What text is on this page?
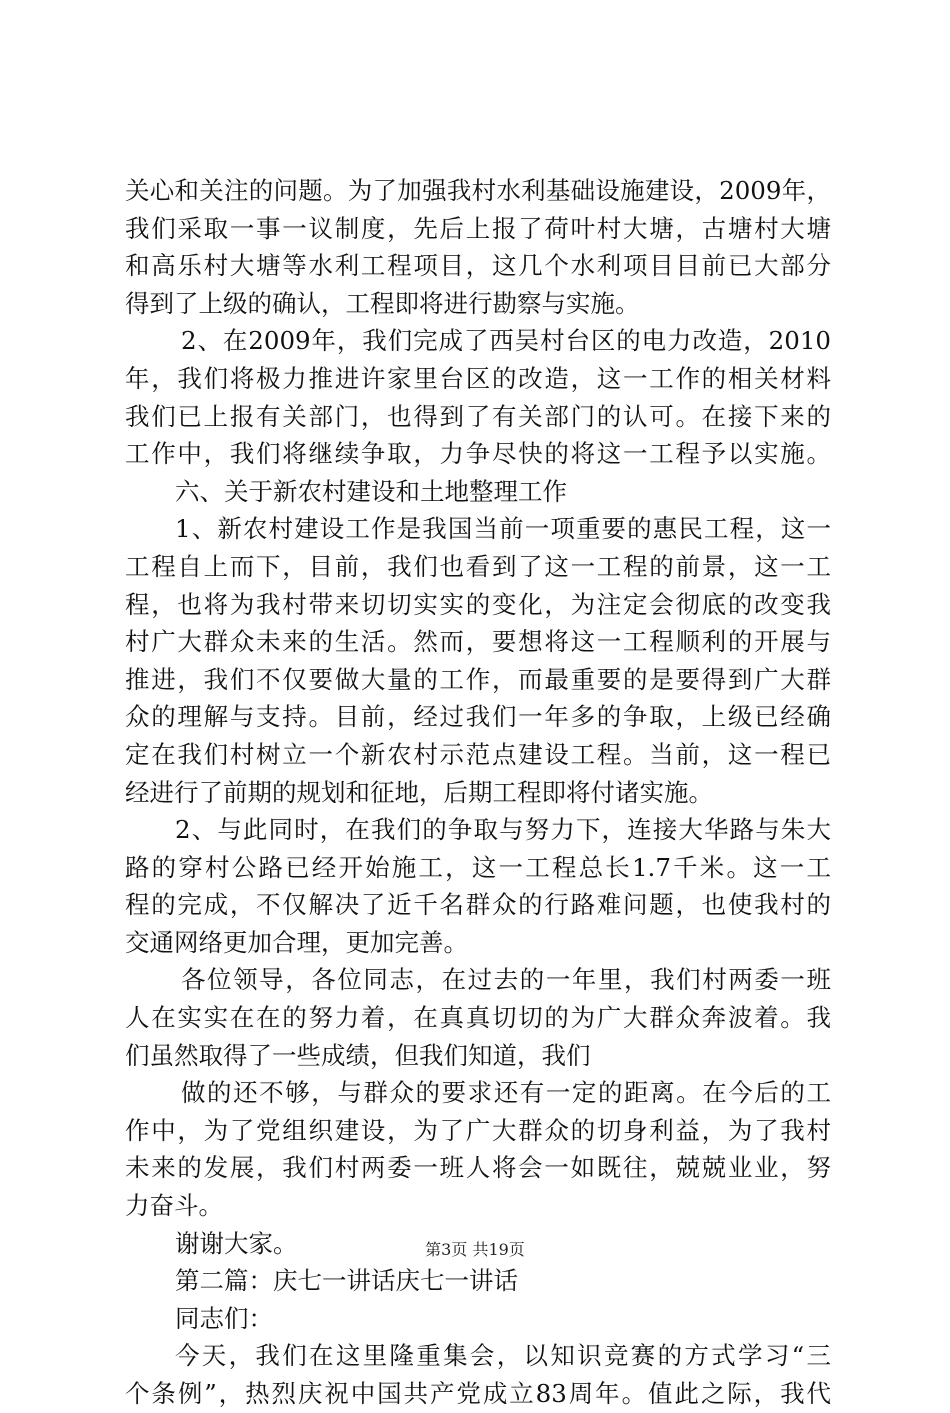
关心和关注的问题。为了加强我村水利基础设施建设，2009年，
我们采取一事一议制度，先后上报了荷叶村大塘，古塘村大塘
和高乐村大塘等水利工程项目，这几个水利项目目前已大部分
得到了上级的确认，工程即将进行勘察与实施。
2、在2009年，我们完成了西吴村台区的电力改造，2010
年，我们将极力推进许家里台区的改造，这一工作的相关材料
我们已上报有关部门，也得到了有关部门的认可。在接下来的
工作中，我们将继续争取，力争尽快的将这一工程予以实施。
六、关于新农村建设和土地整理工作
1、新农村建设工作是我国当前一项重要的惠民工程，这一
工程自上而下，目前，我们也看到了这一工程的前景，这一工
程，也将为我村带来切切实实的变化，为注定会彻底的改变我
村广大群众未来的生活。然而，要想将这一工程顺利的开展与
推进，我们不仅要做大量的工作，而最重要的是要得到广大群
众的理解与支持。目前，经过我们一年多的争取，上级已经确
定在我们村树立一个新农村示范点建设工程。当前，这一程已
经进行了前期的规划和征地，后期工程即将付诸实施。
2、与此同时，在我们的争取与努力下，连接大华路与朱大
路的穿村公路已经开始施工，这一工程总长1.7千米。这一工
程的完成，不仅解决了近千名群众的行路难问题，也使我村的
交通网络更加合理，更加完善。
各位领导，各位同志，在过去的一年里，我们村两委一班
人在实实在在的努力着，在真真切切的为广大群众奔波着。我
们虽然取得了一些成绩，但我们知道，我们
做的还不够，与群众的要求还有一定的距离。在今后的工
作中，为了党组织建设，为了广大群众的切身利益，为了我村
未来的发展，我们村两委一班人将会一如既往，兢兢业业，努
力奋斗。
谢谢大家。
第二篇：庆七一讲话庆七一讲话
同志们：
今天，我们在这里隆重集会，以知识竞赛的方式学习“三
个条例”，热烈庆祝中国共产党成立83周年。值此之际，我代
第3页 共19页
